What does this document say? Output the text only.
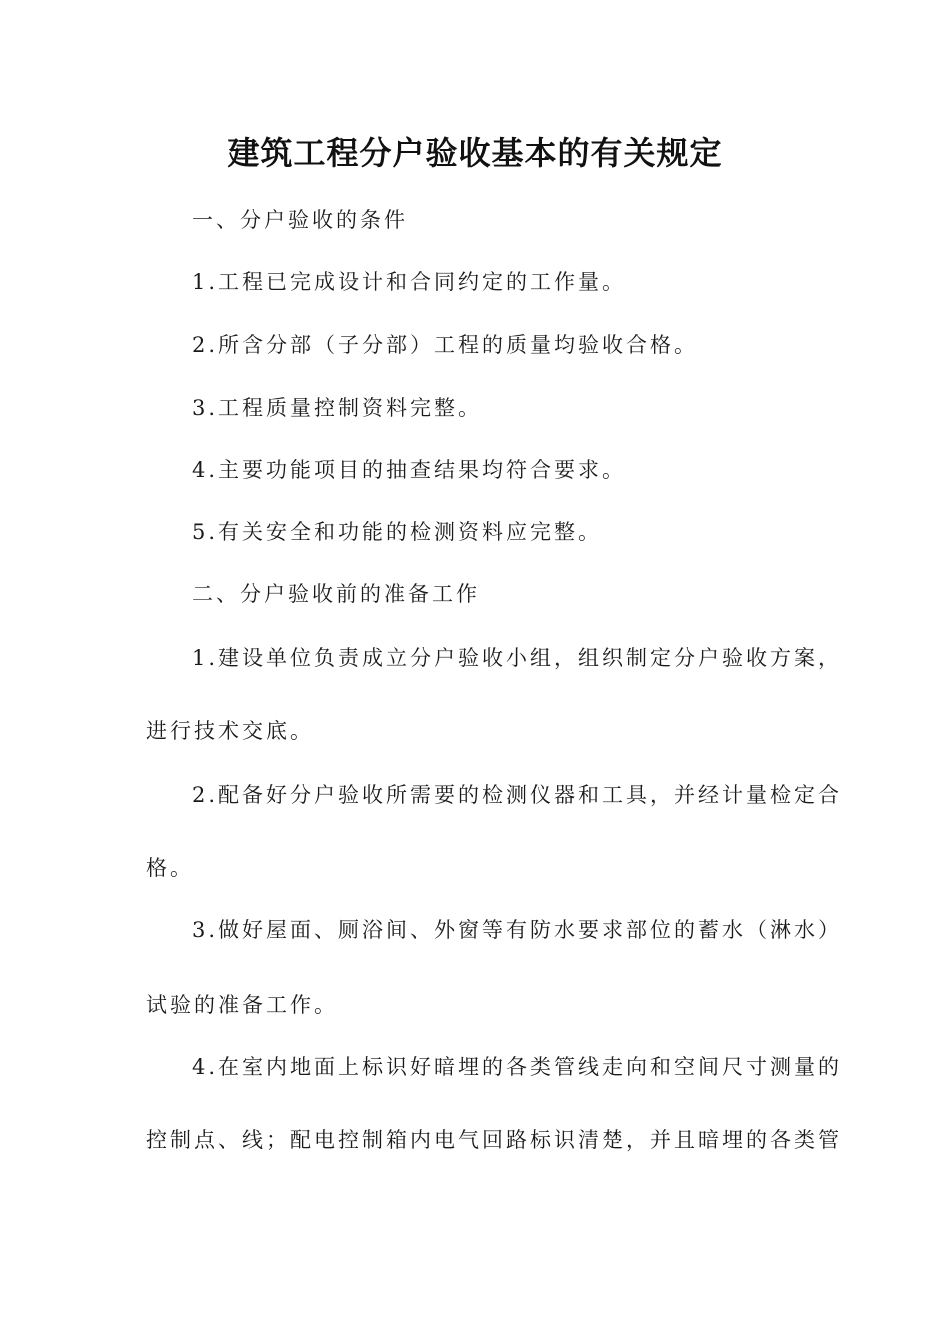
建筑工程分户验收基本的有关规定

一、分户验收的条件

1.工程已完成设计和合同约定的工作量。

2.所含分部（子分部）工程的质量均验收合格。

3.工程质量控制资料完整。

4.主要功能项目的抽查结果均符合要求。

5.有关安全和功能的检测资料应完整。

二、分户验收前的准备工作

1.建设单位负责成立分户验收小组，组织制定分户验收方案，

进行技术交底。

2.配备好分户验收所需要的检测仪器和工具，并经计量检定合

格。

3.做好屋面、厕浴间、外窗等有防水要求部位的蓄水（淋水）

试验的准备工作。

4.在室内地面上标识好暗埋的各类管线走向和空间尺寸测量的

控制点、线；配电控制箱内电气回路标识清楚，并且暗埋的各类管
